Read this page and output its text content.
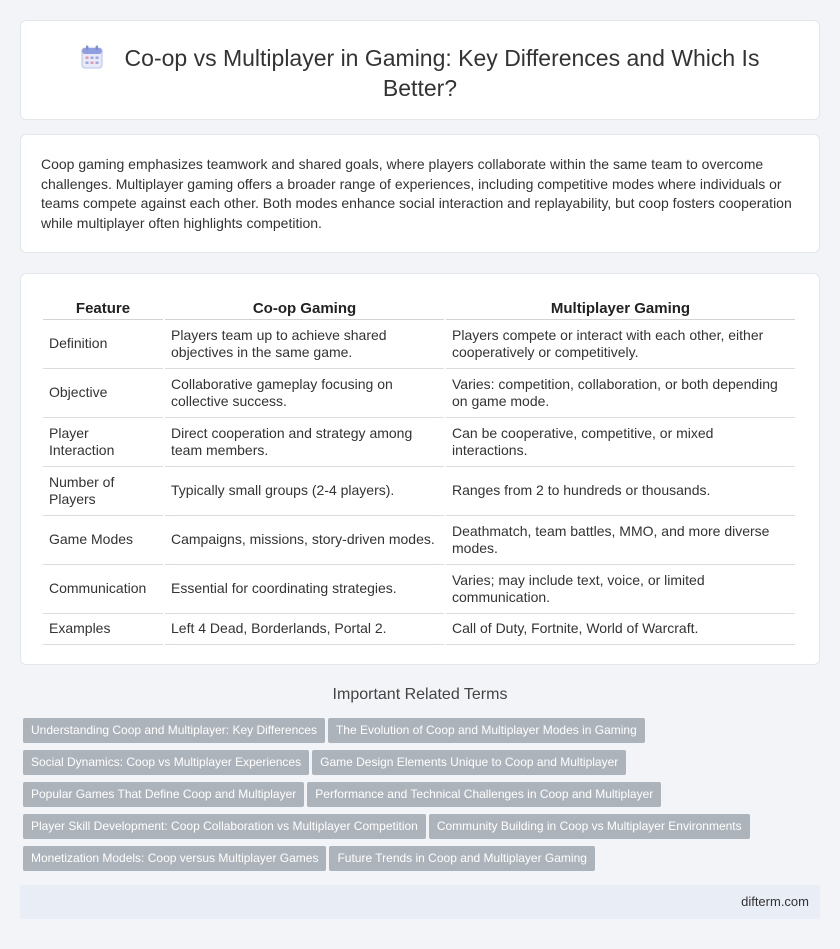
Co-op vs Multiplayer in Gaming: Key Differences and Which Is Better?

Coop gaming emphasizes teamwork and shared goals, where players collaborate within the same team to overcome challenges. Multiplayer gaming offers a broader range of experiences, including competitive modes where individuals or teams compete against each other. Both modes enhance social interaction and replayability, but coop fosters cooperation while multiplayer often highlights competition.

Feature	Co-op Gaming	Multiplayer Gaming
Definition	Players team up to achieve shared objectives in the same game.	Players compete or interact with each other, either cooperatively or competitively.
Objective	Collaborative gameplay focusing on collective success.	Varies: competition, collaboration, or both depending on game mode.
Player Interaction	Direct cooperation and strategy among team members.	Can be cooperative, competitive, or mixed interactions.
Number of Players	Typically small groups (2-4 players).	Ranges from 2 to hundreds or thousands.
Game Modes	Campaigns, missions, story-driven modes.	Deathmatch, team battles, MMO, and more diverse modes.
Communication	Essential for coordinating strategies.	Varies; may include text, voice, or limited communication.
Examples	Left 4 Dead, Borderlands, Portal 2.	Call of Duty, Fortnite, World of Warcraft.
Important Related Terms
Understanding Coop and Multiplayer: Key Differences The Evolution of Coop and Multiplayer Modes in Gaming
Social Dynamics: Coop vs Multiplayer Experiences Game Design Elements Unique to Coop and Multiplayer
Popular Games That Define Coop and Multiplayer Performance and Technical Challenges in Coop and Multiplayer
Player Skill Development: Coop Collaboration vs Multiplayer Competition Community Building in Coop vs Multiplayer Environments
Monetization Models: Coop versus Multiplayer Games Future Trends in Coop and Multiplayer Gaming
difterm.com
